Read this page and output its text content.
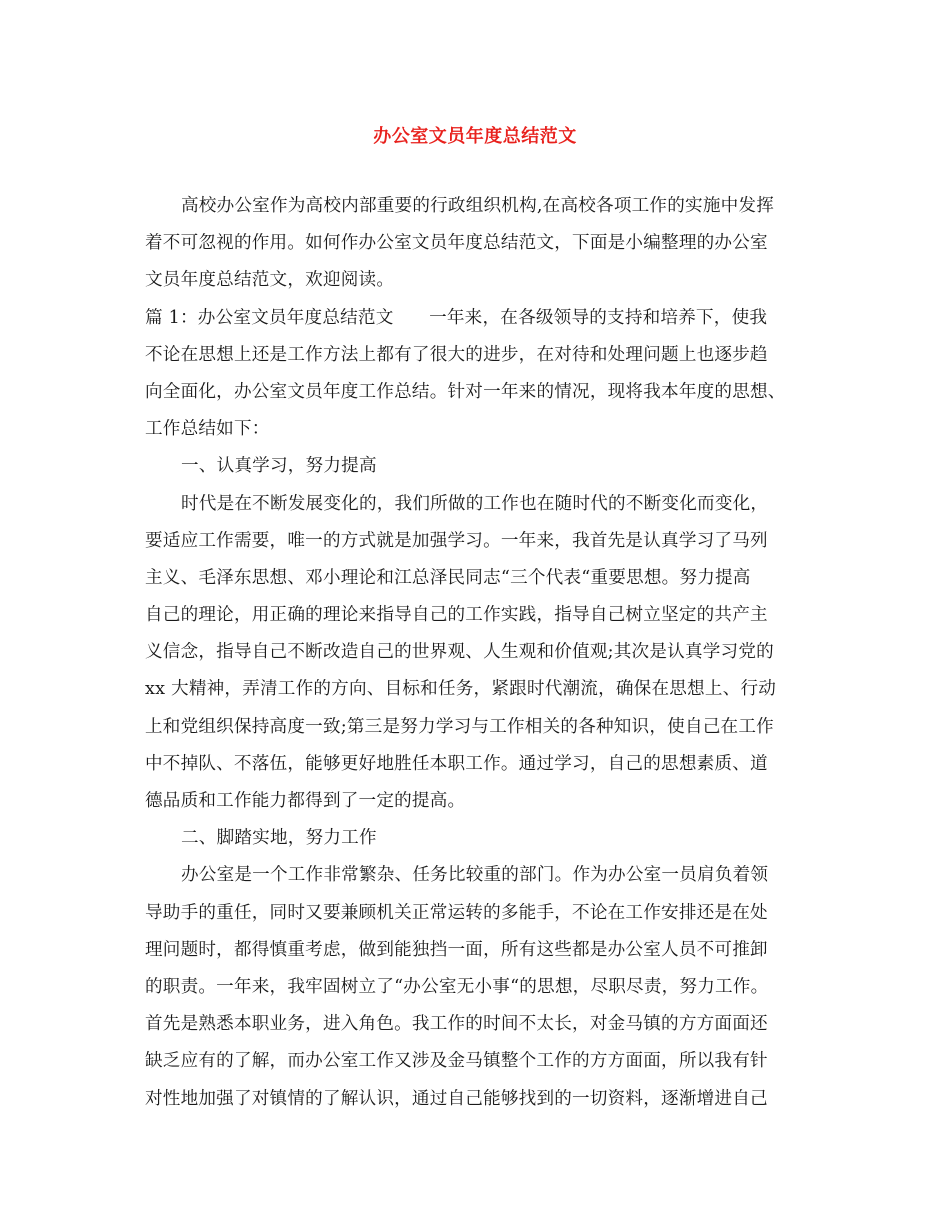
办公室文员年度总结范文
高校办公室作为高校内部重要的行政组织机构,在高校各项工作的实施中发挥
着不可忽视的作用。如何作办公室文员年度总结范文，下面是小编整理的办公室
文员年度总结范文，欢迎阅读。
篇 1：办公室文员年度总结范文　　一年来，在各级领导的支持和培养下，使我
不论在思想上还是工作方法上都有了很大的进步，在对待和处理问题上也逐步趋
向全面化，办公室文员年度工作总结。针对一年来的情况，现将我本年度的思想、
工作总结如下：
一、认真学习，努力提高
时代是在不断发展变化的，我们所做的工作也在随时代的不断变化而变化，
要适应工作需要，唯一的方式就是加强学习。一年来，我首先是认真学习了马列
主义、毛泽东思想、邓小理论和江总泽民同志“三个代表“重要思想。努力提高
自己的理论，用正确的理论来指导自己的工作实践，指导自己树立坚定的共产主
义信念，指导自己不断改造自己的世界观、人生观和价值观;其次是认真学习党的
xx 大精神，弄清工作的方向、目标和任务，紧跟时代潮流，确保在思想上、行动
上和党组织保持高度一致;第三是努力学习与工作相关的各种知识，使自己在工作
中不掉队、不落伍，能够更好地胜任本职工作。通过学习，自己的思想素质、道
德品质和工作能力都得到了一定的提高。
二、脚踏实地，努力工作
办公室是一个工作非常繁杂、任务比较重的部门。作为办公室一员肩负着领
导助手的重任，同时又要兼顾机关正常运转的多能手，不论在工作安排还是在处
理问题时，都得慎重考虑，做到能独挡一面，所有这些都是办公室人员不可推卸
的职责。一年来，我牢固树立了“办公室无小事“的思想，尽职尽责，努力工作。
首先是熟悉本职业务，进入角色。我工作的时间不太长，对金马镇的方方面面还
缺乏应有的了解，而办公室工作又涉及金马镇整个工作的方方面面，所以我有针
对性地加强了对镇情的了解认识，通过自己能够找到的一切资料，逐渐增进自己
